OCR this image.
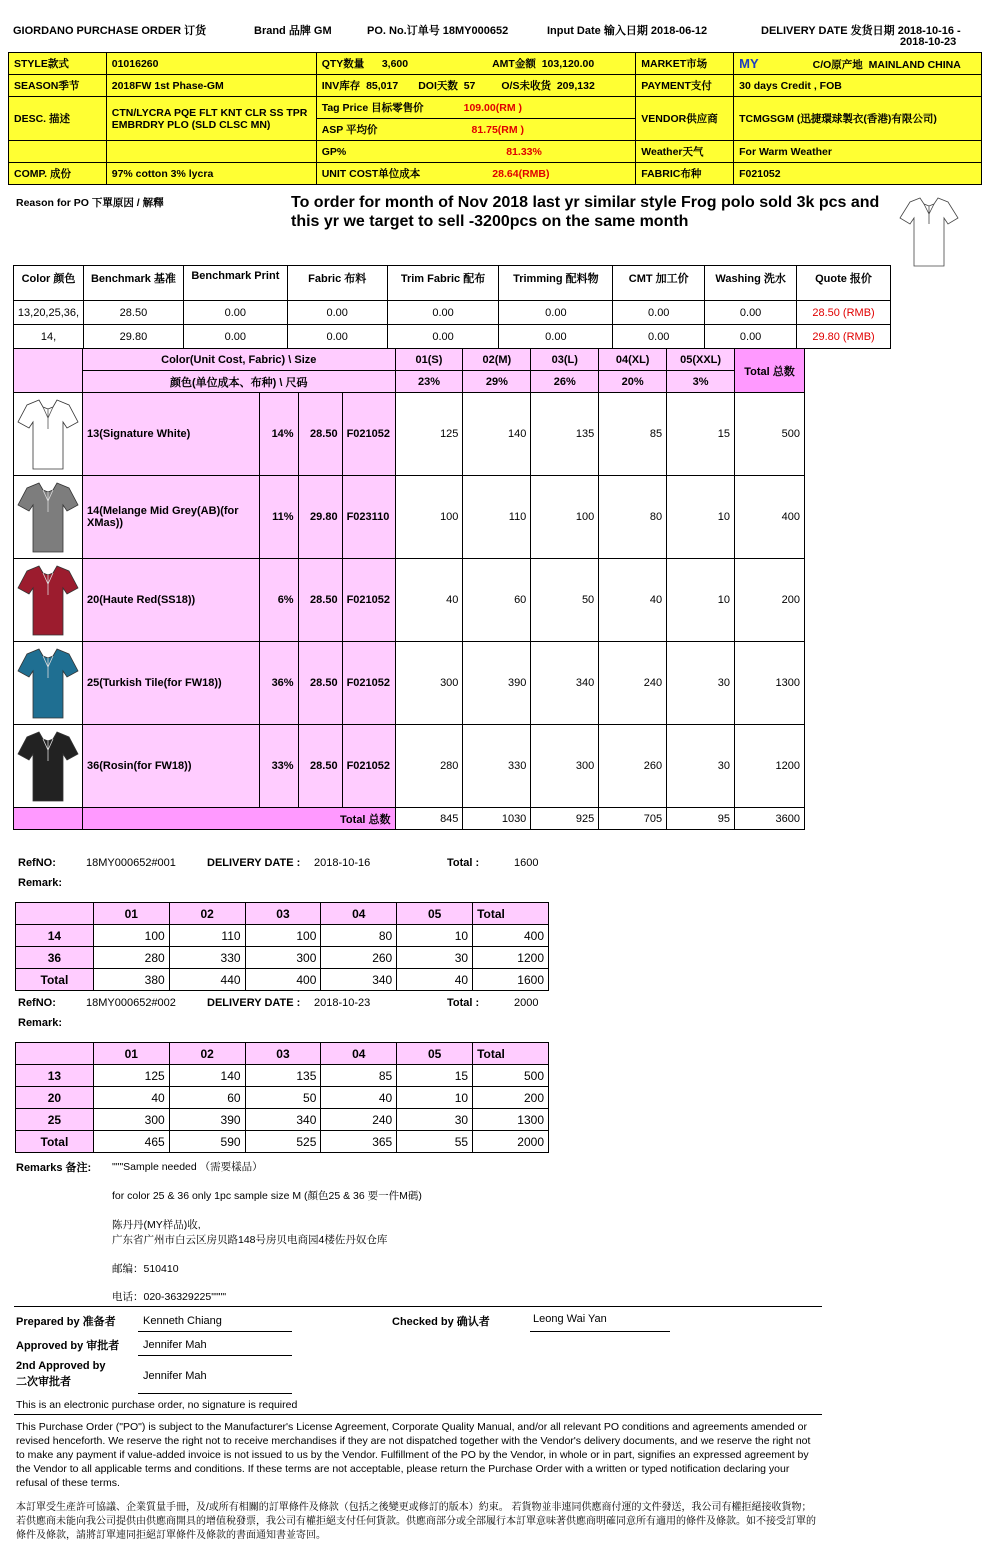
GIORDANO PURCHASE ORDER 订货	Brand 品牌 GM	PO. No.订单号 18MY000652	Input Date 输入日期 2018-06-12	DELIVERY DATE 发货日期 2018-10-16 -
2018-10-23
STYLE款式	01016260	QTY数量 3,600 AMT金额 103,120.00	MARKET市场	MY C/O原产地 MAINLAND CHINA
SEASON季节	2018FW 1st Phase-GM	INV库存 85,017 DOI天数 57 O/S未收货 209,132	PAYMENT支付	30 days Credit , FOB
DESC. 描述	CTN/LYCRA PQE FLT KNT CLR SS TPR
EMBRDRY PLO (SLD CLSC MN)	Tag Price 目标零售价 109.00(RM )	VENDOR供应商	TCMGSGM (迅捷環球製衣(香港)有限公司)
		ASP 平均价 81.75(RM )		
		GP% 81.33%	Weather天气	For Warm Weather
COMP. 成份	97% cotton 3% lycra	UNIT COST单位成本 28.64(RMB)	FABRIC布种	F021052
Reason for PO 下單原因 / 解釋	To order for month of Nov 2018 last yr similar style Frog polo sold 3k pcs and
this yr we target to sell -3200pcs on the same month
Color 颜色	Benchmark 基准	Benchmark Print	Fabric 布料	Trim Fabric 配布	Trimming 配料物	CMT 加工价	Washing 洗水	Quote 报价
13,20,25,36,	28.50	0.00	0.00	0.00	0.00	0.00	0.00	28.50 (RMB)
14,	29.80	0.00	0.00	0.00	0.00	0.00	0.00	29.80 (RMB)
	Color(Unit Cost, Fabric) \ Size				01(S)	02(M)	03(L)	04(XL)	05(XXL)	Total 总数
	颜色(单位成本、布种) \ 尺码				23%	29%	26%	20%	3%	

	13(Signature White)	14%	28.50	F021052	125	140	135	85	15	500

	14(Melange Mid Grey(AB)(for XMas))	11%	29.80	F023110	100	110	100	80	10	400

	20(Haute Red(SS18))	6%	28.50	F021052	40	60	50	40	10	200

	25(Turkish Tile(for FW18))	36%	28.50	F021052	300	390	340	240	30	1300

	36(Rosin(for FW18))	33%	28.50	F021052	280	330	300	260	30	1200
	Total 总数				845	1030	925	705	95	3600
RefNO:	18MY000652#001	DELIVERY DATE : 2018-10-16	Total :	1600
Remark:
	01	02	03	04	05	Total
14	100	110	100	80	10	400
36	280	330	300	260	30	1200
Total	380	440	400	340	40	1600
RefNO:	18MY000652#002	DELIVERY DATE : 2018-10-23	Total :	2000
Remark:
	01	02	03	04	05	Total
13	125	140	135	85	15	500
20	40	60	50	40	10	200
25	300	390	340	240	30	1300
Total	465	590	525	365	55	2000
Remarks 备注: """Sample needed （需要樣品）
for color 25 & 36 only 1pc sample size M (顏色25 & 36 要一件M碼)
陈丹丹(MY样品)收,
广东省广州市白云区房贝路148号房贝电商园4楼佐丹奴仓库
邮编：510410
电话：020-36329225""""
Prepared by 准备者 Kenneth Chiang	Checked by 确认者	Leong Wai Yan
Approved by 审批者 Jennifer Mah
2nd Approved by
二次审批者	Jennifer Mah
This is an electronic purchase order, no signature is required
This Purchase Order ("PO") is subject to the Manufacturer's License Agreement, Corporate Quality Manual, and/or all relevant PO conditions and agreements amended or revised henceforth. We reserve the right not to receive merchandises if they are not dispatched together with the Vendor's delivery documents, and we reserve the right not to make any payment if value-added invoice is not issued to us by the Vendor. Fulfillment of the PO by the Vendor, in whole or in part, signifies an expressed agreement by the Vendor to all applicable terms and conditions. If these terms are not acceptable, please return the Purchase Order with a written or typed notification declaring your refusal of these terms.
本訂單受生產許可協議、企業質量手冊，及/或所有相關的訂單條件及條款（包括之後變更或修訂的版本）約束。 若貨物並非連同供應商付運的文件發送，我公司有權拒絕接收貨物；若供應商未能向我公司提供由供應商開具的增值稅發票，我公司有權拒絕支付任何貨款。供應商部分或全部履行本訂單意味著供應商明確同意所有適用的條件及條款。如不接受訂單的條件及條款，請將訂單連同拒絕訂單條件及條款的書面通知書並寄回。
